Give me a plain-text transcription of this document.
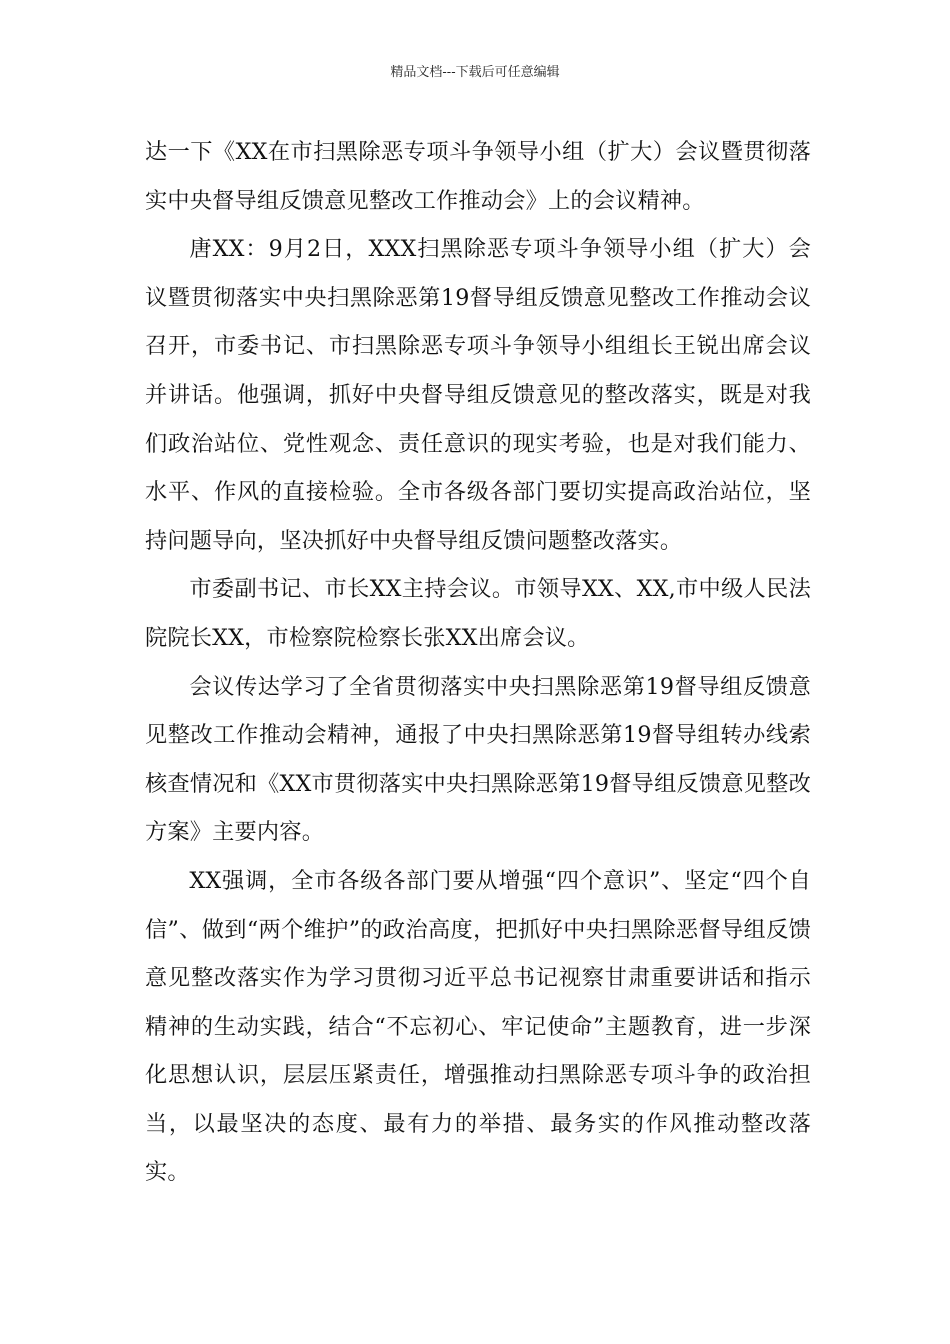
精品文档---下载后可任意编辑

达一下《XX在市扫黑除恶专项斗争领导小组（扩大）会议暨贯彻落实中央督导组反馈意见整改工作推动会》上的会议精神。

唐XX：9月2日，XXX扫黑除恶专项斗争领导小组（扩大）会议暨贯彻落实中央扫黑除恶第19督导组反馈意见整改工作推动会议召开，市委书记、市扫黑除恶专项斗争领导小组组长王锐出席会议并讲话。他强调，抓好中央督导组反馈意见的整改落实，既是对我们政治站位、党性观念、责任意识的现实考验，也是对我们能力、水平、作风的直接检验。全市各级各部门要切实提高政治站位，坚持问题导向，坚决抓好中央督导组反馈问题整改落实。

市委副书记、市长XX主持会议。市领导XX、XX,市中级人民法院院长XX，市检察院检察长张XX出席会议。

会议传达学习了全省贯彻落实中央扫黑除恶第19督导组反馈意见整改工作推动会精神，通报了中央扫黑除恶第19督导组转办线索核查情况和《XX市贯彻落实中央扫黑除恶第19督导组反馈意见整改方案》主要内容。

XX强调，全市各级各部门要从增强“四个意识”、坚定“四个自信”、做到“两个维护”的政治高度，把抓好中央扫黑除恶督导组反馈意见整改落实作为学习贯彻习近平总书记视察甘肃重要讲话和指示精神的生动实践，结合“不忘初心、牢记使命”主题教育，进一步深化思想认识，层层压紧责任，增强推动扫黑除恶专项斗争的政治担当，以最坚决的态度、最有力的举措、最务实的作风推动整改落实。
